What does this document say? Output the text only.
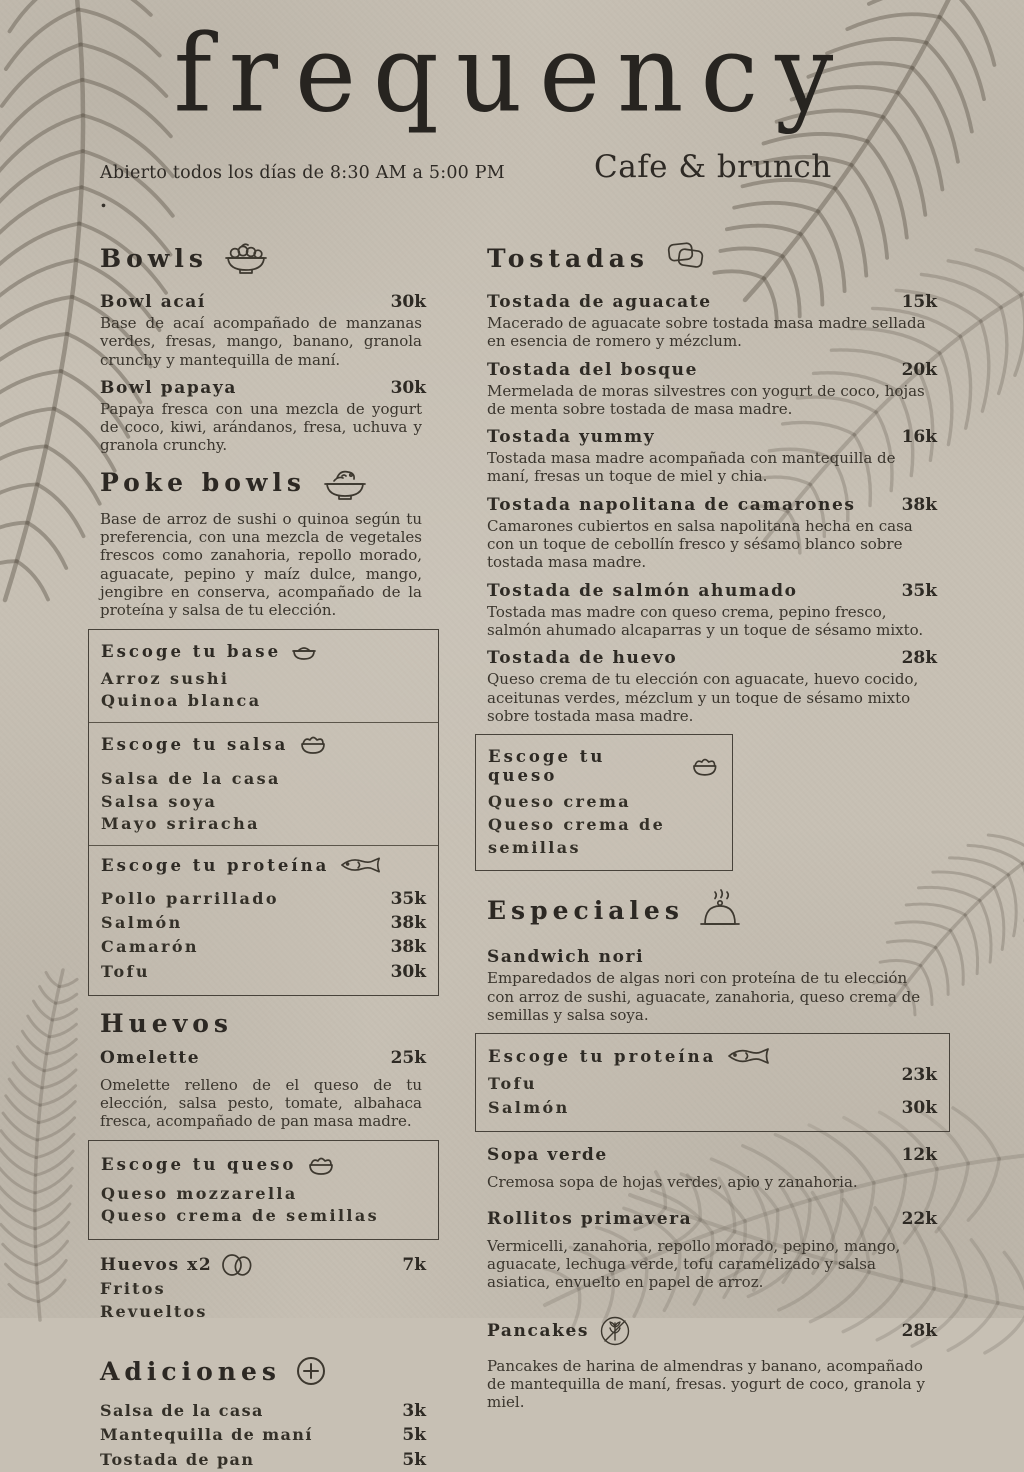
frequency
Abierto todos los días de 8:30 AM a 5:00 PM	Cafe & brunch
.
Bowls
Bowl acaí	30k
Base de acaí acompañado de manzanas verdes, fresas, mango, banano, granola crunchy y mantequilla de maní.
Bowl papaya	30k
Papaya fresca con una mezcla de yogurt de coco, kiwi, arándanos, fresa, uchuva y granola crunchy.
Poke bowls
Base de arroz de sushi o quinoa según tu preferencia, con una mezcla de vegetales frescos como zanahoria, repollo morado, aguacate, pepino y maíz dulce, mango, jengibre en conserva, acompañado de la proteína y salsa de tu elección.
Escoge tu base
Arroz sushi
Quinoa blanca
Escoge tu salsa
Salsa de la casa
Salsa soya
Mayo sriracha
Escoge tu proteína
Pollo parrillado	35k
Salmón	38k
Camarón	38k
Tofu	30k
Huevos
Omelette	25k
Omelette relleno de el queso de tu elección, salsa pesto, tomate, albahaca fresca, acompañado de pan masa madre.
Escoge tu queso
Queso mozzarella
Queso crema de semillas
Huevos x2	7k
Fritos
Revueltos
Adiciones
Salsa de la casa	3k
Mantequilla de maní	5k
Tostada de pan	5k
Tostadas
Tostada de aguacate	15k
Macerado de aguacate sobre tostada masa madre sellada en esencia de romero y mézclum.
Tostada del bosque	20k
Mermelada de moras silvestres con yogurt de coco, hojas de menta sobre tostada de masa madre.
Tostada yummy	16k
Tostada masa madre acompañada con mantequilla de maní, fresas un toque de miel y chia.
Tostada napolitana de camarones	38k
Camarones cubiertos en salsa napolitana hecha en casa con un toque de cebollín fresco y sésamo blanco sobre tostada masa madre.
Tostada de salmón ahumado	35k
Tostada mas madre con queso crema, pepino fresco, salmón ahumado alcaparras y un toque de sésamo mixto.
Tostada de huevo	28k
Queso crema de tu elección con aguacate, huevo cocido, aceitunas verdes, mézclum y un toque de sésamo mixto sobre tostada masa madre.
Escoge tu queso
Queso crema
Queso crema de semillas
Especiales
Sandwich nori
Emparedados de algas nori con proteína de tu elección con arroz de sushi, aguacate, zanahoria, queso crema de semillas y salsa soya.
Escoge tu proteína
Tofu	23k
Salmón	30k
Sopa verde	12k
Cremosa sopa de hojas verdes, apio y zanahoria.
Rollitos primavera	22k
Vermicelli, zanahoria, repollo morado, pepino, mango, aguacate, lechuga verde, tofu caramelizado y salsa asiatica, envuelto en papel de arroz.
Pancakes	28k
Pancakes de harina de almendras y banano, acompañado de mantequilla de maní, fresas. yogurt de coco, granola y miel.
